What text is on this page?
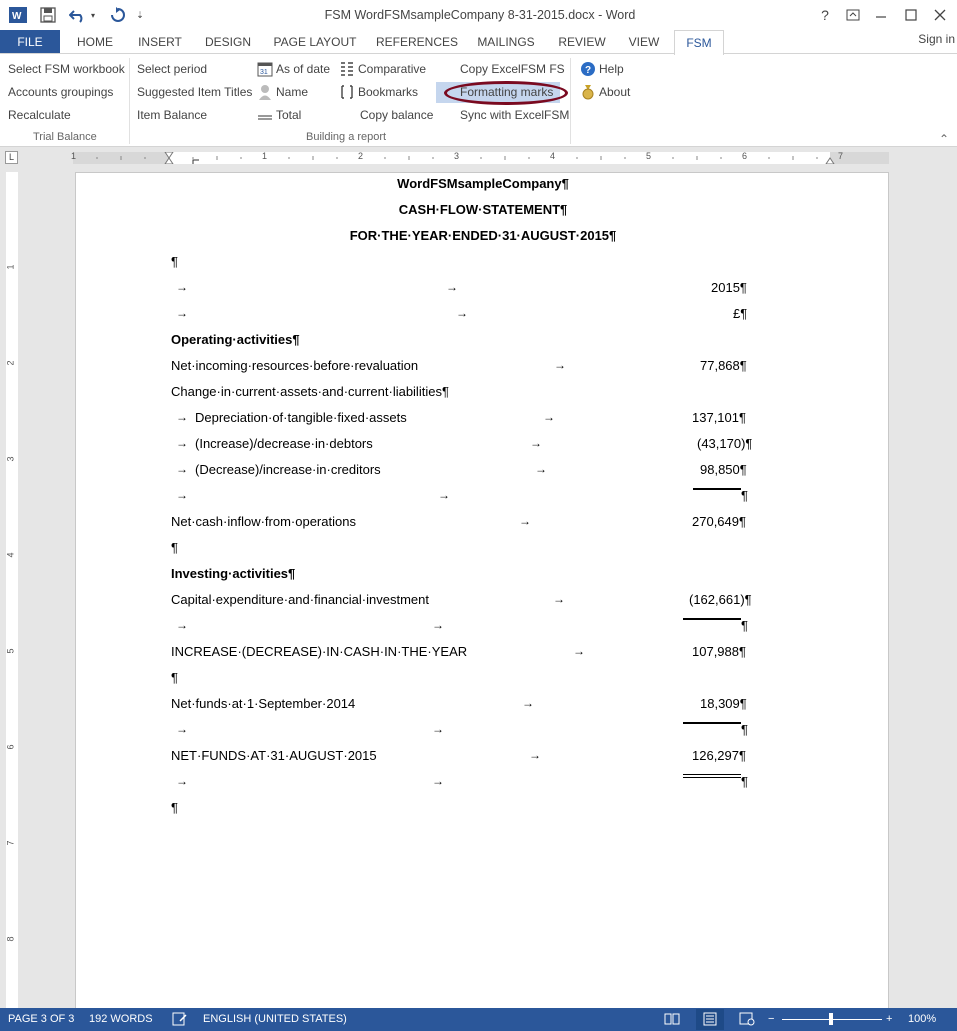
W	▾	⇣	FSM WordFSMsampleCompany 8-31-2015.docx - Word	?
FILE	HOME	INSERT	DESIGN	PAGE LAYOUT	REFERENCES	MAILINGS	REVIEW	VIEW	FSM	Sign in
Select FSM workbook
Accounts groupings
Recalculate
Trial Balance
Select period
Suggested Item Titles
Item Balance
31 As of date
Name
Total
Comparative
Bookmarks
Copy balance
Copy ExcelFSM FS
Formatting marks
Sync with ExcelFSM
Building a report
? Help
About
⌃
1	1	2	3	4	5	6	7
L
1
2
3
4
5
6
7
8
WordFSMsampleCompany¶
CASH·FLOW·STATEMENT¶
FOR·THE·YEAR·ENDED·31·AUGUST·2015¶
¶
→	→	2015¶
→	→	£¶
Operating·activities¶
Net·incoming·resources·before·revaluation	→	77,868¶
Change·in·current·assets·and·current·liabilities¶
→ Depreciation·of·tangible·fixed·assets	→	137,101¶
→ (Increase)/decrease·in·debtors	→	(43,170)¶
→ (Decrease)/increase·in·creditors	→	98,850¶
→	→	¶
Net·cash·inflow·from·operations	→	270,649¶
¶
Investing·activities¶
Capital·expenditure·and·financial·investment	→	(162,661)¶
→	→	¶
INCREASE·(DECREASE)·IN·CASH·IN·THE·YEAR	→	107,988¶
¶
Net·funds·at·1·September·2014	→	18,309¶
→	→	¶
NET·FUNDS·AT·31·AUGUST·2015	→	126,297¶
→	→	¶
¶
PAGE 3 OF 3 192 WORDS	ENGLISH (UNITED STATES)	−	+ 100%
